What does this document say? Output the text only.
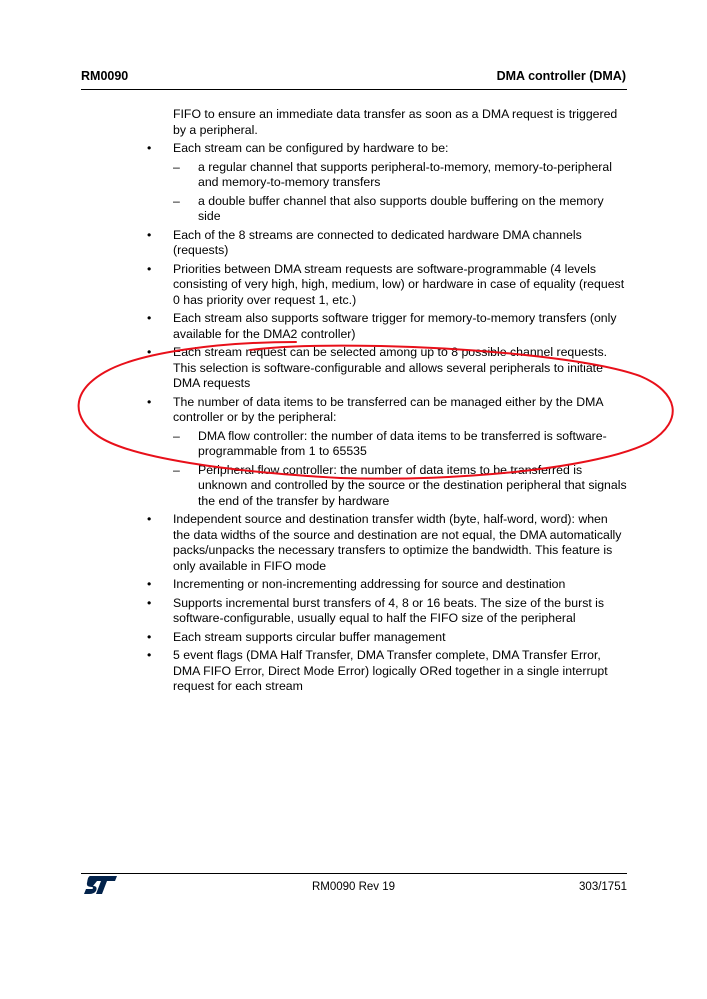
RM0090	DMA controller (DMA)
FIFO to ensure an immediate data transfer as soon as a DMA request is triggered by a peripheral.
• Each stream can be configured by hardware to be:
– a regular channel that supports peripheral-to-memory, memory-to-peripheral and memory-to-memory transfers
– a double buffer channel that also supports double buffering on the memory side
• Each of the 8 streams are connected to dedicated hardware DMA channels (requests)
• Priorities between DMA stream requests are software-programmable (4 levels consisting of very high, high, medium, low) or hardware in case of equality (request 0 has priority over request 1, etc.)
• Each stream also supports software trigger for memory-to-memory transfers (only available for the DMA2 controller)
• Each stream request can be selected among up to 8 possible channel requests. This selection is software-configurable and allows several peripherals to initiate DMA requests
• The number of data items to be transferred can be managed either by the DMA controller or by the peripheral:
– DMA flow controller: the number of data items to be transferred is software-programmable from 1 to 65535
– Peripheral flow controller: the number of data items to be transferred is unknown and controlled by the source or the destination peripheral that signals the end of the transfer by hardware
• Independent source and destination transfer width (byte, half-word, word): when the data widths of the source and destination are not equal, the DMA automatically packs/unpacks the necessary transfers to optimize the bandwidth. This feature is only available in FIFO mode
• Incrementing or non-incrementing addressing for source and destination
• Supports incremental burst transfers of 4, 8 or 16 beats. The size of the burst is software-configurable, usually equal to half the FIFO size of the peripheral
• Each stream supports circular buffer management
• 5 event flags (DMA Half Transfer, DMA Transfer complete, DMA Transfer Error, DMA FIFO Error, Direct Mode Error) logically ORed together in a single interrupt request for each stream
RM0090 Rev 19	303/1751
